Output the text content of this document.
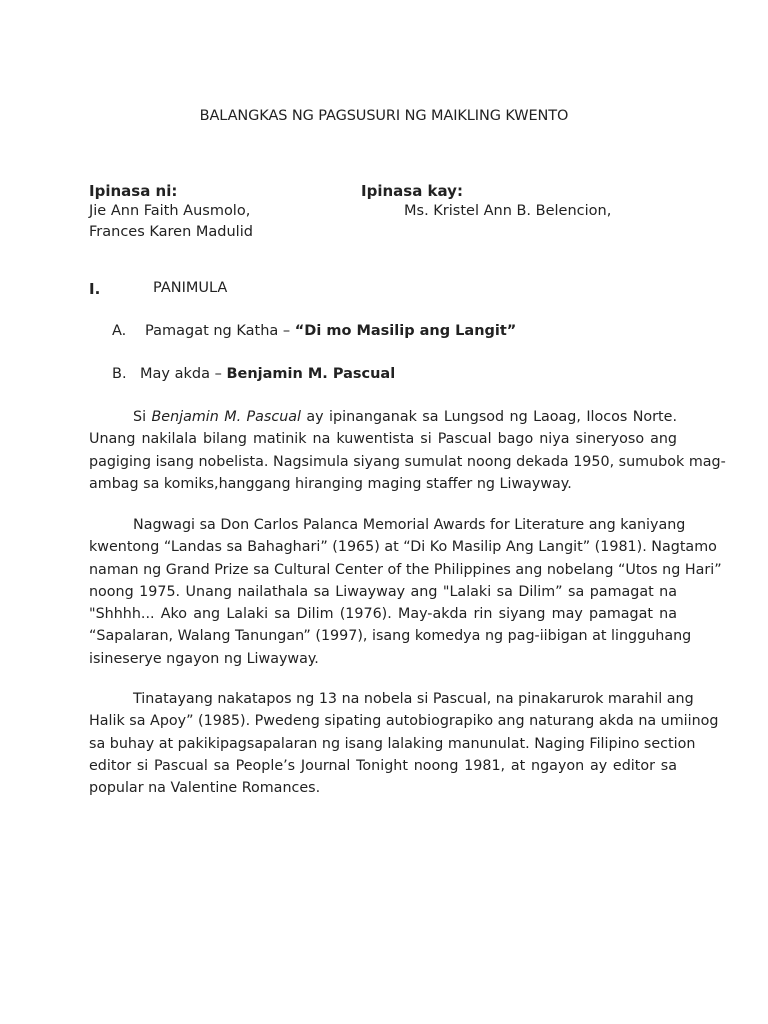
BALANGKAS NG PAGSUSURI NG MAIKLING KWENTO
Ipinasa ni:	Ipinasa kay:
Jie Ann Faith Ausmolo,	Ms. Kristel Ann B. Belencion,
Frances Karen Madulid
I.	PANIMULA
A. Pamagat ng Katha – “Di mo Masilip ang Langit”
B. May akda – Benjamin M. Pascual
Si Benjamin M. Pascual ay ipinanganak sa Lungsod ng Laoag, Ilocos Norte.
Unang nakilala bilang matinik na kuwentista si Pascual bago niya sineryoso ang
pagiging isang nobelista. Nagsimula siyang sumulat noong dekada 1950, sumubok mag-
ambag sa komiks,hanggang hiranging maging staffer ng Liwayway.
Nagwagi sa Don Carlos Palanca Memorial Awards for Literature ang kaniyang
kwentong “Landas sa Bahaghari” (1965) at “Di Ko Masilip Ang Langit” (1981). Nagtamo
naman ng Grand Prize sa Cultural Center of the Philippines ang nobelang “Utos ng Hari”
noong 1975. Unang nailathala sa Liwayway ang "Lalaki sa Dilim” sa pamagat na
"Shhhh... Ako ang Lalaki sa Dilim (1976). May-akda rin siyang may pamagat na
“Sapalaran, Walang Tanungan” (1997), isang komedya ng pag-iibigan at lingguhang
isineserye ngayon ng Liwayway.
Tinatayang nakatapos ng 13 na nobela si Pascual, na pinakarurok marahil ang
Halik sa Apoy” (1985). Pwedeng sipating autobiograpiko ang naturang akda na umiinog
sa buhay at pakikipagsapalaran ng isang lalaking manunulat. Naging Filipino section
editor si Pascual sa People’s Journal Tonight noong 1981, at ngayon ay editor sa
popular na Valentine Romances.
